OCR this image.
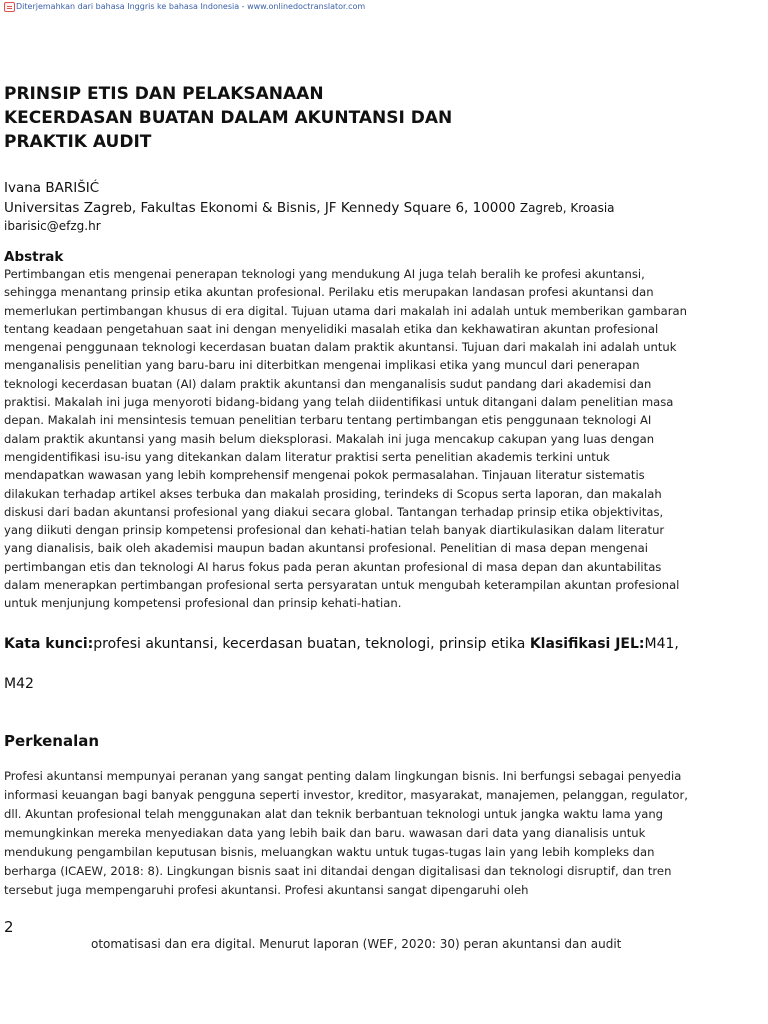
Diterjemahkan dari bahasa Inggris ke bahasa Indonesia - www.onlinedoctranslator.com
PRINSIP ETIS DAN PELAKSANAAN
KECERDASAN BUATAN DALAM AKUNTANSI DAN
PRAKTIK AUDIT
Ivana BARIŠIĆ
Universitas Zagreb, Fakultas Ekonomi & Bisnis, JF Kennedy Square 6, 10000 Zagreb, Kroasia
ibarisic@efzg.hr
Abstrak
Pertimbangan etis mengenai penerapan teknologi yang mendukung AI juga telah beralih ke profesi akuntansi,
sehingga menantang prinsip etika akuntan profesional. Perilaku etis merupakan landasan profesi akuntansi dan
memerlukan pertimbangan khusus di era digital. Tujuan utama dari makalah ini adalah untuk memberikan gambaran
tentang keadaan pengetahuan saat ini dengan menyelidiki masalah etika dan kekhawatiran akuntan profesional
mengenai penggunaan teknologi kecerdasan buatan dalam praktik akuntansi. Tujuan dari makalah ini adalah untuk
menganalisis penelitian yang baru-baru ini diterbitkan mengenai implikasi etika yang muncul dari penerapan
teknologi kecerdasan buatan (AI) dalam praktik akuntansi dan menganalisis sudut pandang dari akademisi dan
praktisi. Makalah ini juga menyoroti bidang-bidang yang telah diidentifikasi untuk ditangani dalam penelitian masa
depan. Makalah ini mensintesis temuan penelitian terbaru tentang pertimbangan etis penggunaan teknologi AI
dalam praktik akuntansi yang masih belum dieksplorasi. Makalah ini juga mencakup cakupan yang luas dengan
mengidentifikasi isu-isu yang ditekankan dalam literatur praktisi serta penelitian akademis terkini untuk
mendapatkan wawasan yang lebih komprehensif mengenai pokok permasalahan. Tinjauan literatur sistematis
dilakukan terhadap artikel akses terbuka dan makalah prosiding, terindeks di Scopus serta laporan, dan makalah
diskusi dari badan akuntansi profesional yang diakui secara global. Tantangan terhadap prinsip etika objektivitas,
yang diikuti dengan prinsip kompetensi profesional dan kehati-hatian telah banyak diartikulasikan dalam literatur
yang dianalisis, baik oleh akademisi maupun badan akuntansi profesional. Penelitian di masa depan mengenai
pertimbangan etis dan teknologi AI harus fokus pada peran akuntan profesional di masa depan dan akuntabilitas
dalam menerapkan pertimbangan profesional serta persyaratan untuk mengubah keterampilan akuntan profesional
untuk menjunjung kompetensi profesional dan prinsip kehati-hatian.
Kata kunci:profesi akuntansi, kecerdasan buatan, teknologi, prinsip etika Klasifikasi JEL:M41,
M42
Perkenalan
Profesi akuntansi mempunyai peranan yang sangat penting dalam lingkungan bisnis. Ini berfungsi sebagai penyedia
informasi keuangan bagi banyak pengguna seperti investor, kreditor, masyarakat, manajemen, pelanggan, regulator,
dll. Akuntan profesional telah menggunakan alat dan teknik berbantuan teknologi untuk jangka waktu lama yang
memungkinkan mereka menyediakan data yang lebih baik dan baru. wawasan dari data yang dianalisis untuk
mendukung pengambilan keputusan bisnis, meluangkan waktu untuk tugas-tugas lain yang lebih kompleks dan
berharga (ICAEW, 2018: 8). Lingkungan bisnis saat ini ditandai dengan digitalisasi dan teknologi disruptif, dan tren
tersebut juga mempengaruhi profesi akuntansi. Profesi akuntansi sangat dipengaruhi oleh
2
otomatisasi dan era digital. Menurut laporan (WEF, 2020: 30) peran akuntansi dan audit
